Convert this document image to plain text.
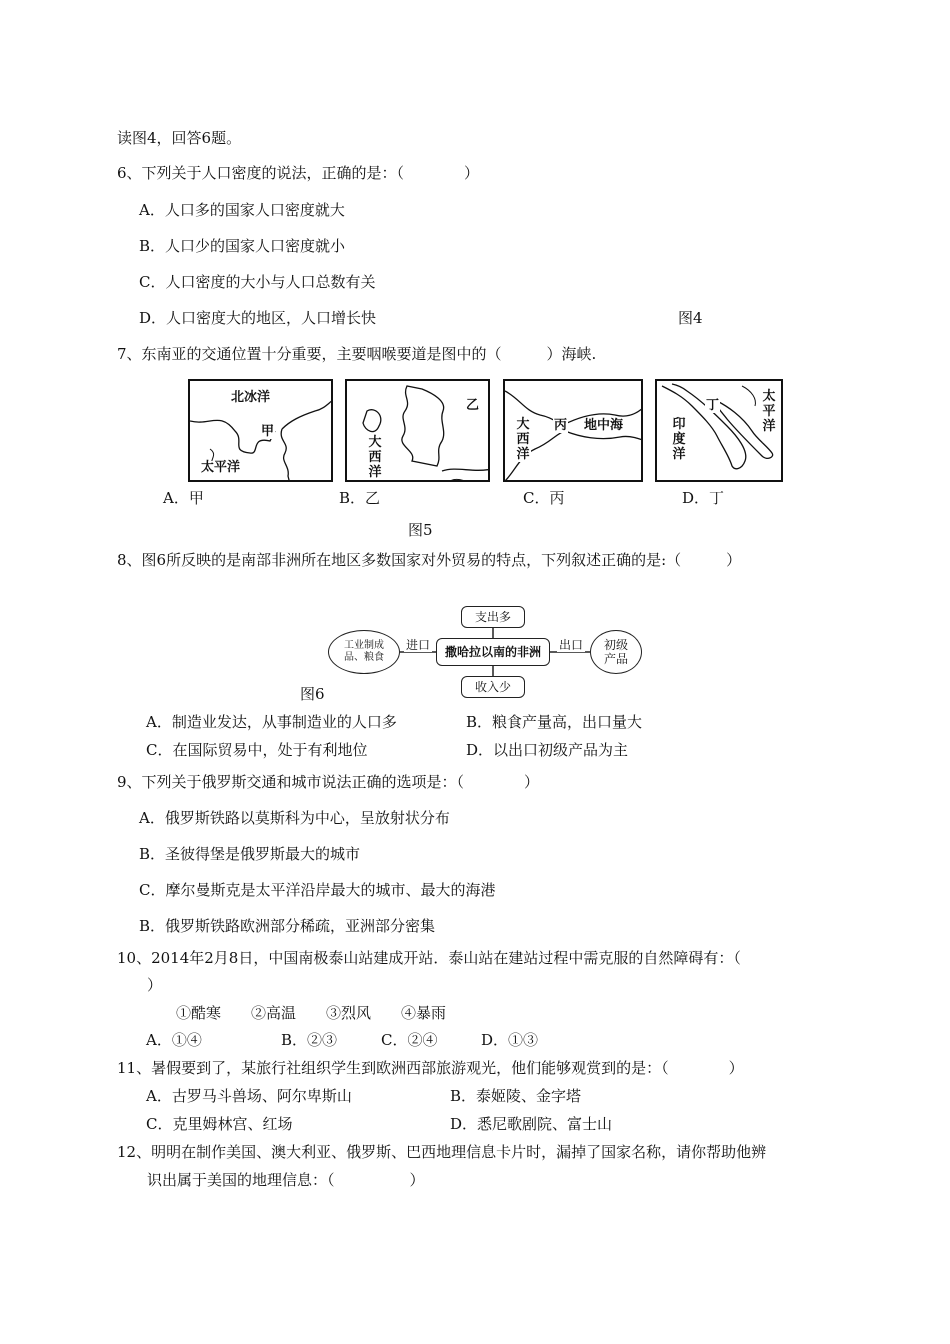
读图4，回答6题。
6、下列关于人口密度的说法，正确的是：（　　　　）
A．人口多的国家人口密度就大
B．人口少的国家人口密度就小
C．人口密度的大小与人口总数有关
D．人口密度大的地区，人口增长快	图4
7、东南亚的交通位置十分重要，主要咽喉要道是图中的（　　　）海峡.
北冰洋
甲
太平洋
乙
大西洋
大西洋
丙 地中海
丁
太平洋
印度洋
A．甲	B．乙	C．丙	D．丁
图5
8、图6所反映的是南部非洲所在地区多数国家对外贸易的特点，下列叙述正确的是:（　　　）
支出多
撒哈拉以南的非洲
收入少
工业制成品、粮食
初级产品
进口	出口
图6
A．制造业发达，从事制造业的人口多	B．粮食产量高，出口量大
C．在国际贸易中，处于有利地位	D．以出口初级产品为主
9、下列关于俄罗斯交通和城市说法正确的选项是：（　　　　）
A．俄罗斯铁路以莫斯科为中心，呈放射状分布
B．圣彼得堡是俄罗斯最大的城市
C．摩尔曼斯克是太平洋沿岸最大的城市、最大的海港
B．俄罗斯铁路欧洲部分稀疏，亚洲部分密集
10、2014年2月8日，中国南极泰山站建成开站．泰山站在建站过程中需克服的自然障碍有：（
）
①酷寒　　②高温　　③烈风　　④暴雨
A．①④	B．②③	C．②④	D．①③
11、暑假要到了，某旅行社组织学生到欧洲西部旅游观光，他们能够观赏到的是：（　　　　）
A．古罗马斗兽场、阿尔卑斯山	B．泰姬陵、金字塔
C．克里姆林宫、红场	D．悉尼歌剧院、富士山
12、明明在制作美国、澳大利亚、俄罗斯、巴西地理信息卡片时，漏掉了国家名称，请你帮助他辨
识出属于美国的地理信息：（　　　　　）
